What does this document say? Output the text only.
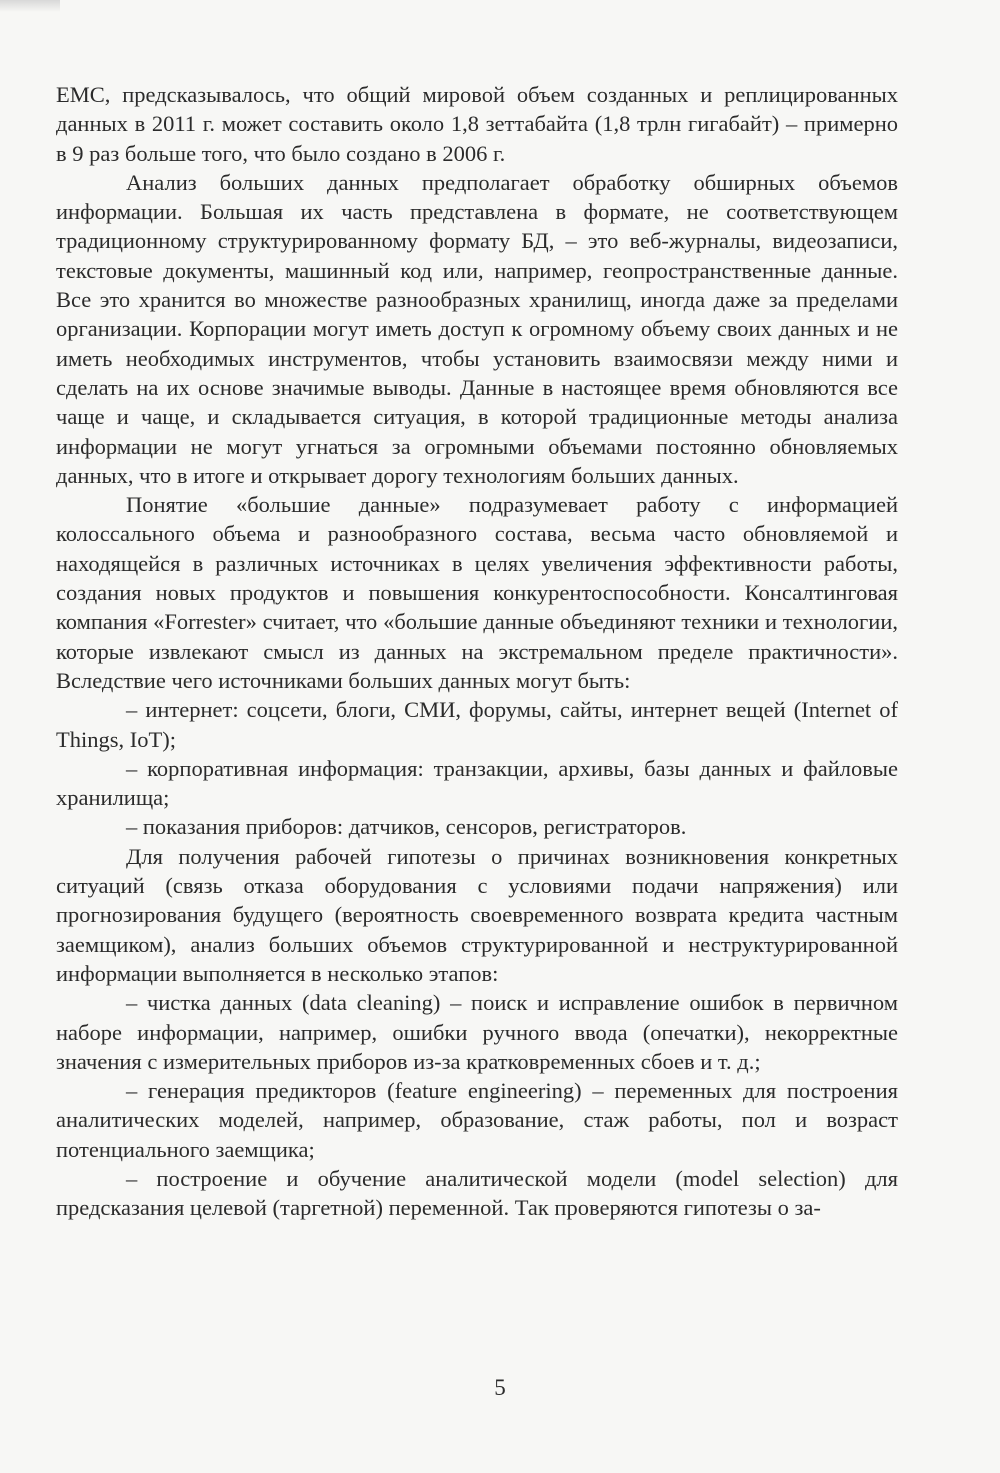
EMC, предсказывалось, что общий мировой объем созданных и реплицированных данных в 2011 г. может составить около 1,8 зеттабайта (1,8 трлн гигабайт) – примерно в 9 раз больше того, что было создано в 2006 г.

Анализ больших данных предполагает обработку обширных объемов информации. Большая их часть представлена в формате, не соответствующем традиционному структурированному формату БД, – это веб-журналы, видеозаписи, текстовые документы, машинный код или, например, геопространственные данные. Все это хранится во множестве разнообразных хранилищ, иногда даже за пределами организации. Корпорации могут иметь доступ к огромному объему своих данных и не иметь необходимых инструментов, чтобы установить взаимосвязи между ними и сделать на их основе значимые выводы. Данные в настоящее время обновляются все чаще и чаще, и складывается ситуация, в которой традиционные методы анализа информации не могут угнаться за огромными объемами постоянно обновляемых данных, что в итоге и открывает дорогу технологиям больших данных.

Понятие «большие данные» подразумевает работу с информацией колоссального объема и разнообразного состава, весьма часто обновляемой и находящейся в различных источниках в целях увеличения эффективности работы, создания новых продуктов и повышения конкурентоспособности. Консалтинговая компания «Forrester» считает, что «большие данные объединяют техники и технологии, которые извлекают смысл из данных на экстремальном пределе практичности». Вследствие чего источниками больших данных могут быть:

– интернет: соцсети, блоги, СМИ, форумы, сайты, интернет вещей (Internet of Things, IoT);

– корпоративная информация: транзакции, архивы, базы данных и файловые хранилища;

– показания приборов: датчиков, сенсоров, регистраторов.

Для получения рабочей гипотезы о причинах возникновения конкретных ситуаций (связь отказа оборудования с условиями подачи напряжения) или прогнозирования будущего (вероятность своевременного возврата кредита частным заемщиком), анализ больших объемов структурированной и неструктурированной информации выполняется в несколько этапов:

– чистка данных (data cleaning) – поиск и исправление ошибок в первичном наборе информации, например, ошибки ручного ввода (опечатки), некорректные значения с измерительных приборов из-за кратковременных сбоев и т. д.;

– генерация предикторов (feature engineering) – переменных для построения аналитических моделей, например, образование, стаж работы, пол и возраст потенциального заемщика;

– построение и обучение аналитической модели (model selection) для предсказания целевой (таргетной) переменной. Так проверяются гипотезы о за-

5
